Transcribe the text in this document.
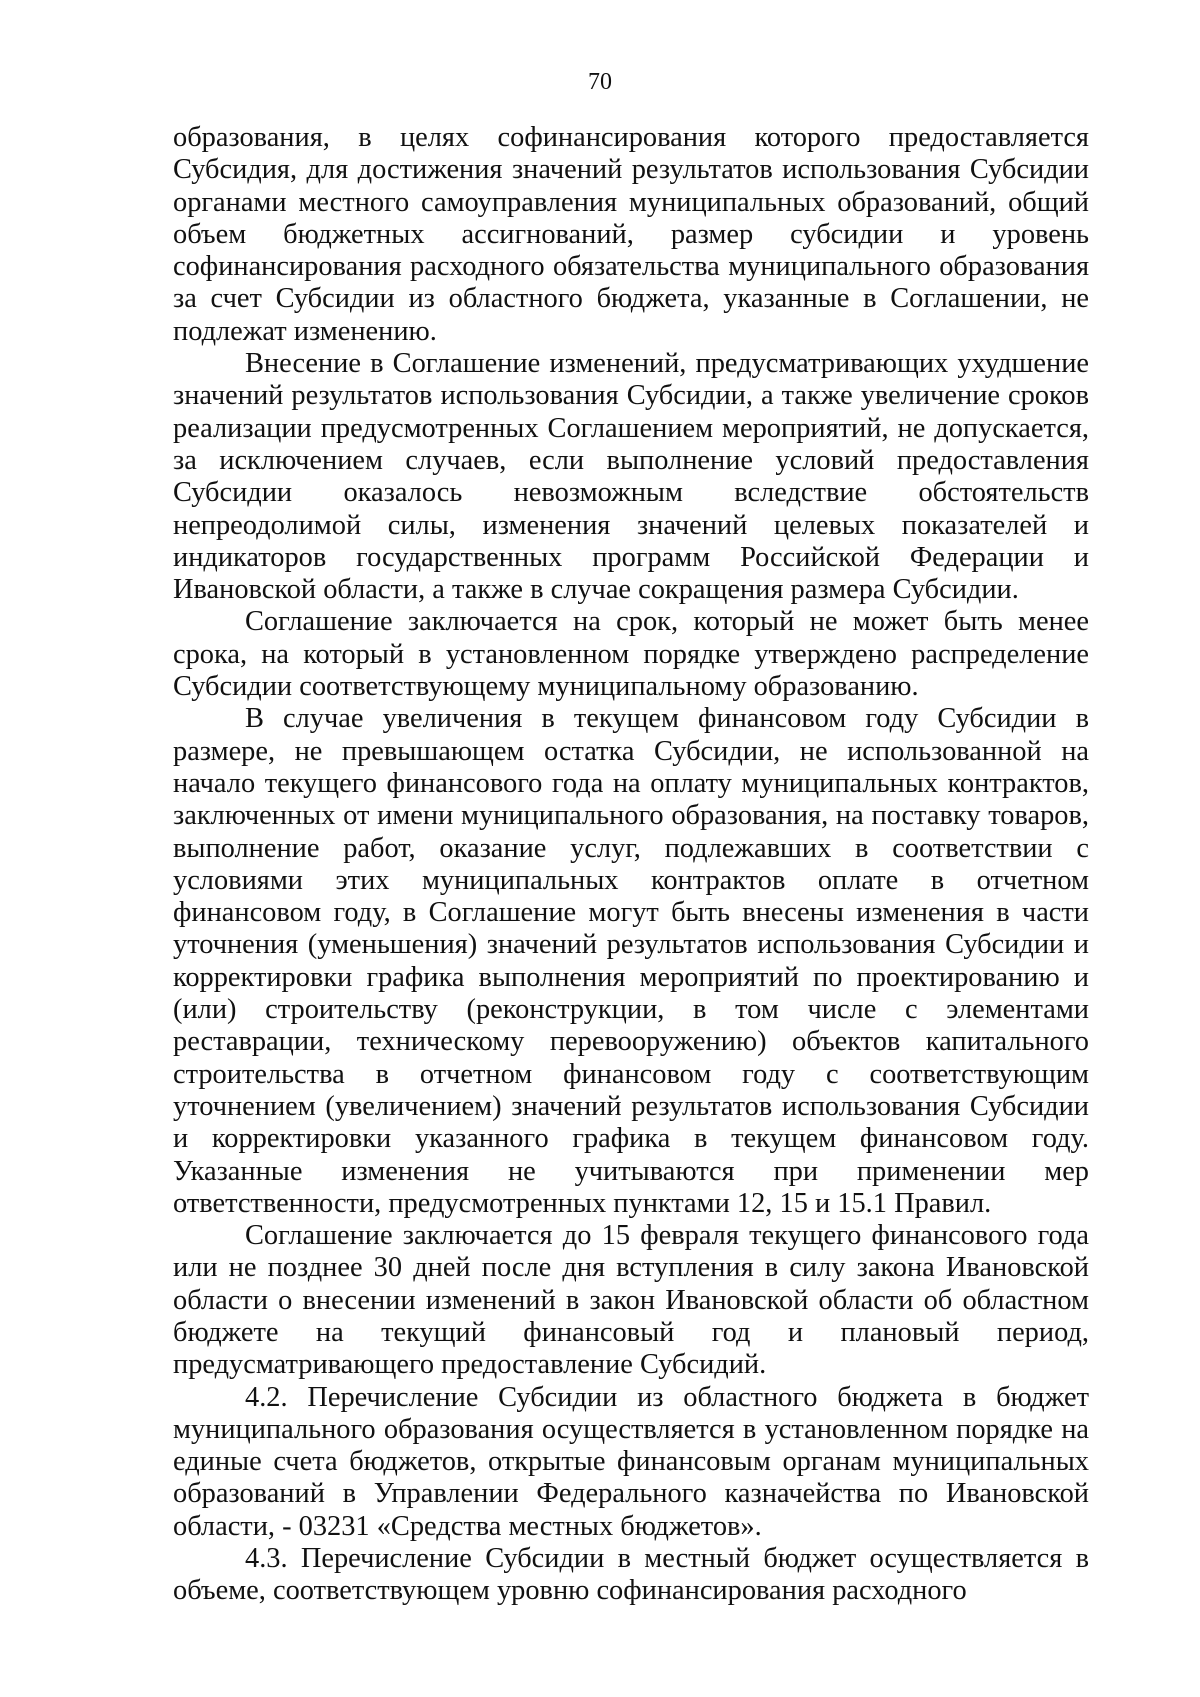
70

образования, в целях софинансирования которого предоставляется Субсидия, для достижения значений результатов использования Субсидии органами местного самоуправления муниципальных образований, общий объем бюджетных ассигнований, размер субсидии и уровень софинансирования расходного обязательства муниципального образования за счет Субсидии из областного бюджета, указанные в Соглашении, не подлежат изменению.

Внесение в Соглашение изменений, предусматривающих ухудшение значений результатов использования Субсидии, а также увеличение сроков реализации предусмотренных Соглашением мероприятий, не допускается, за исключением случаев, если выполнение условий предоставления Субсидии оказалось невозможным вследствие обстоятельств непреодолимой силы, изменения значений целевых показателей и индикаторов государственных программ Российской Федерации и Ивановской области, а также в случае сокращения размера Субсидии.

Соглашение заключается на срок, который не может быть менее срока, на который в установленном порядке утверждено распределение Субсидии соответствующему муниципальному образованию.

В случае увеличения в текущем финансовом году Субсидии в размере, не превышающем остатка Субсидии, не использованной на начало текущего финансового года на оплату муниципальных контрактов, заключенных от имени муниципального образования, на поставку товаров, выполнение работ, оказание услуг, подлежавших в соответствии с условиями этих муниципальных контрактов оплате в отчетном финансовом году, в Соглашение могут быть внесены изменения в части уточнения (уменьшения) значений результатов использования Субсидии и корректировки графика выполнения мероприятий по проектированию и (или) строительству (реконструкции, в том числе с элементами реставрации, техническому перевооружению) объектов капитального строительства в отчетном финансовом году с соответствующим уточнением (увеличением) значений результатов использования Субсидии и корректировки указанного графика в текущем финансовом году. Указанные изменения не учитываются при применении мер ответственности, предусмотренных пунктами 12, 15 и 15.1 Правил.

Соглашение заключается до 15 февраля текущего финансового года или не позднее 30 дней после дня вступления в силу закона Ивановской области о внесении изменений в закон Ивановской области об областном бюджете на текущий финансовый год и плановый период, предусматривающего предоставление Субсидий.

4.2. Перечисление Субсидии из областного бюджета в бюджет муниципального образования осуществляется в установленном порядке на единые счета бюджетов, открытые финансовым органам муниципальных образований в Управлении Федерального казначейства по Ивановской области, - 03231 «Средства местных бюджетов».

4.3. Перечисление Субсидии в местный бюджет осуществляется в объеме, соответствующем уровню софинансирования расходного
